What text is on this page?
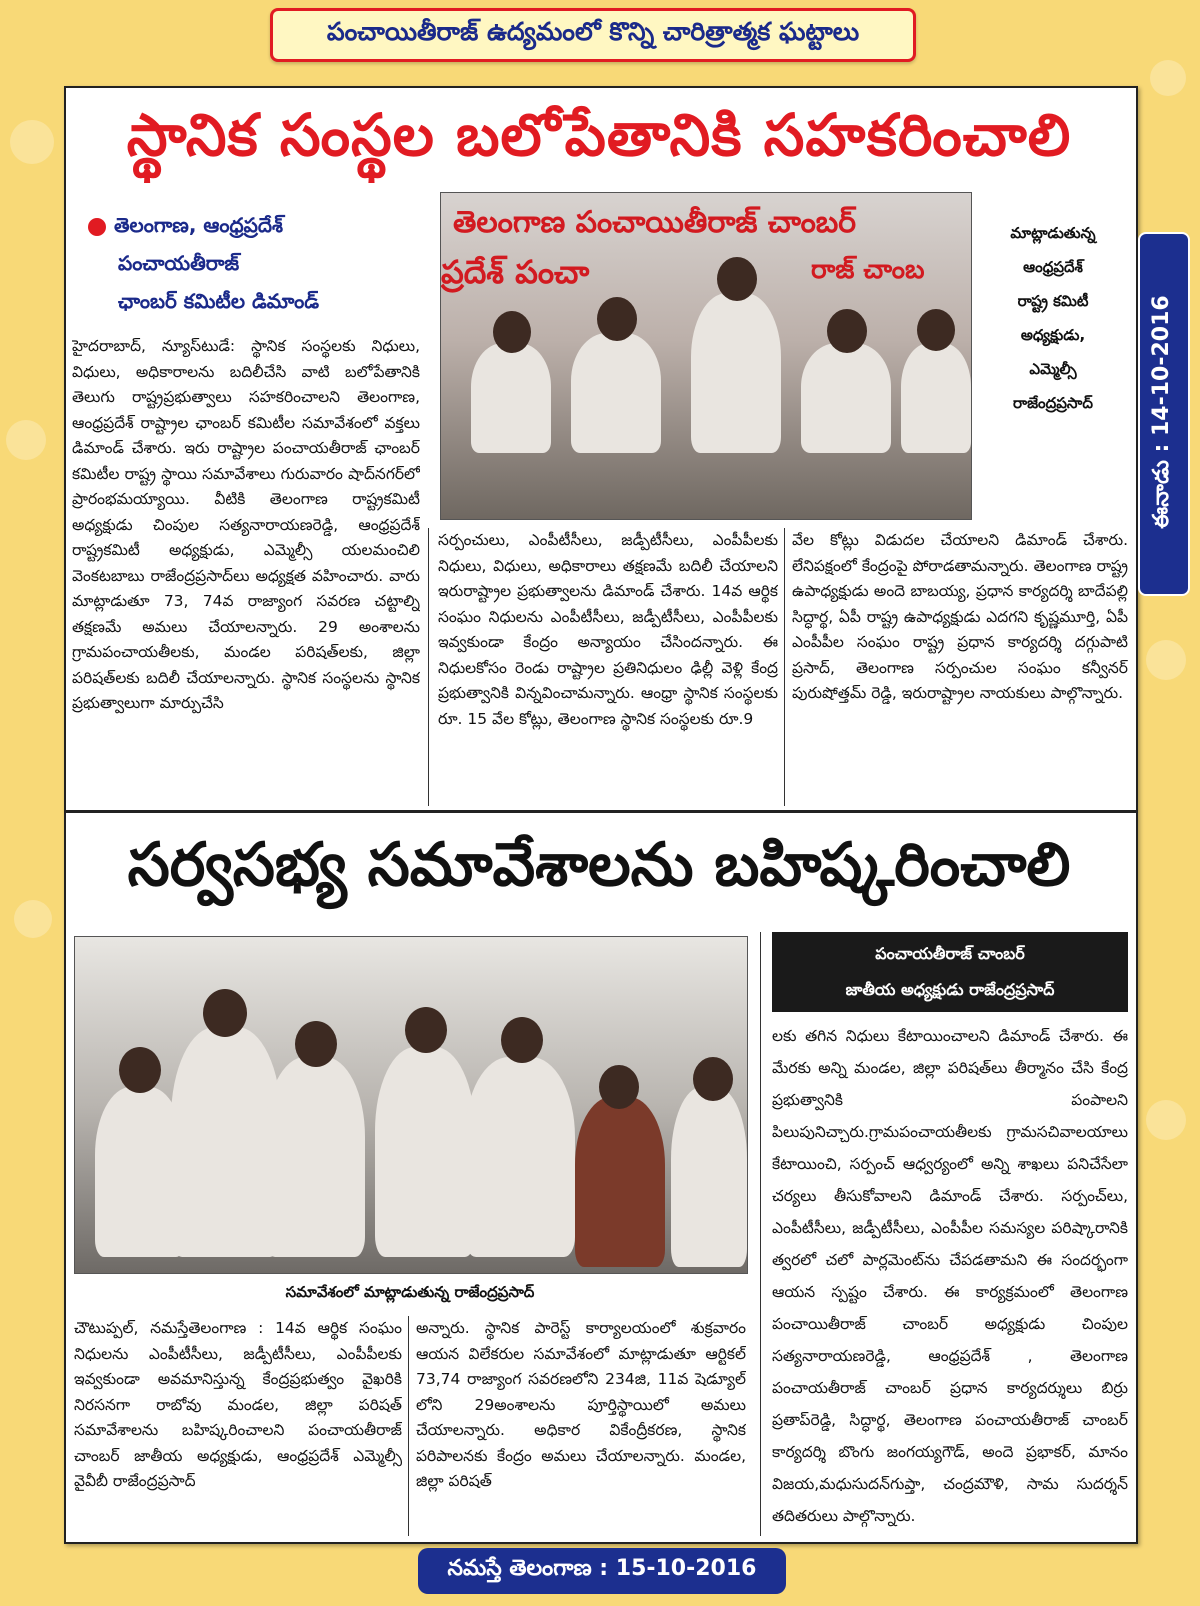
పంచాయితీరాజ్ ఉద్యమంలో కొన్ని చారిత్రాత్మక ఘట్టాలు
స్థానిక సంస్థల బలోపేతానికి సహకరించాలి
తెలంగాణ, ఆంధ్రప్రదేశ్
పంచాయతీరాజ్
ఛాంబర్ కమిటీల డిమాండ్
తెలంగాణ పంచాయితీరాజ్ చాంబర్
ప్రదేశ్ పంచా	రాజ్ చాంబ
మాట్లాడుతున్న
ఆంధ్రప్రదేశ్
రాష్ట్ర కమిటీ
అధ్యక్షుడు,
ఎమ్మెల్సీ
రాజేంద్రప్రసాద్

హైదరాబాద్, న్యూస్‌టుడే: స్థానిక సంస్థలకు నిధులు, విధులు, అధికారాలను బదిలీచేసి వాటి బలోపేతానికి తెలుగు రాష్ట్రప్రభుత్వాలు సహకరించాలని తెలంగాణ, ఆంధ్రప్రదేశ్ రాష్ట్రాల ఛాంబర్ కమిటీల సమావేశంలో వక్తలు డిమాండ్ చేశారు. ఇరు రాష్ట్రాల పంచాయతీరాజ్ ఛాంబర్ కమిటీల రాష్ట్ర స్థాయి సమావేశాలు గురువారం షాద్‌నగర్‌లో ప్రారంభమయ్యాయి. వీటికి తెలంగాణ రాష్ట్రకమిటీ అధ్యక్షుడు చింపుల సత్యనారాయణరెడ్డి, ఆంధ్రప్రదేశ్ రాష్ట్రకమిటీ అధ్యక్షుడు, ఎమ్మెల్సీ యలమంచిలి వెంకటబాబు రాజేంద్రప్రసాద్‌లు అధ్యక్షత వహించారు. వారు మాట్లాడుతూ 73, 74వ రాజ్యాంగ సవరణ చట్టాల్ని తక్షణమే అమలు చేయాలన్నారు. 29 అంశాలను గ్రామపంచాయతీలకు, మండల పరిషత్‌లకు, జిల్లా పరిషత్‌లకు బదిలీ చేయాలన్నారు. స్థానిక సంస్థలను స్థానిక ప్రభుత్వాలుగా మార్పుచేసి

సర్పంచులు, ఎంపీటీసీలు, జడ్పీటీసీలు, ఎంపీపీలకు నిధులు, విధులు, అధికారాలు తక్షణమే బదిలీ చేయాలని ఇరురాష్ట్రాల ప్రభుత్వాలను డిమాండ్ చేశారు. 14వ ఆర్థిక సంఘం నిధులను ఎంపీటీసీలు, జడ్పీటీసీలు, ఎంపీపీలకు ఇవ్వకుండా కేంద్రం అన్యాయం చేసిందన్నారు. ఈ నిధులకోసం రెండు రాష్ట్రాల ప్రతినిధులం ఢిల్లీ వెళ్లి కేంద్ర ప్రభుత్వానికి విన్నవించామన్నారు. ఆంధ్రా స్థానిక సంస్థలకు రూ. 15 వేల కోట్లు, తెలంగాణ స్థానిక సంస్థలకు రూ.9

వేల కోట్లు విడుదల చేయాలని డిమాండ్ చేశారు. లేనిపక్షంలో కేంద్రంపై పోరాడతామన్నారు. తెలంగాణ రాష్ట్ర ఉపాధ్యక్షుడు అందె బాబయ్య, ప్రధాన కార్యదర్శి బాదేపల్లి సిద్ధార్థ, ఏపీ రాష్ట్ర ఉపాధ్యక్షుడు ఎదగని కృష్ణమూర్తి, ఏపీ ఎంపీపీల సంఘం రాష్ట్ర ప్రధాన కార్యదర్శి దగ్గుపాటి ప్రసాద్, తెలంగాణ సర్పంచుల సంఘం కన్వీనర్ పురుషోత్తమ్ రెడ్డి, ఇరురాష్ట్రాల నాయకులు పాల్గొన్నారు.

సర్వసభ్య సమావేశాలను బహిష్కరించాలి
సమావేశంలో మాట్లాడుతున్న రాజేంద్రప్రసాద్
పంచాయతీరాజ్ చాంబర్
జాతీయ అధ్యక్షుడు రాజేంద్రప్రసాద్

చౌటుప్పల్, నమస్తేతెలంగాణ : 14వ ఆర్థిక సంఘం నిధులను ఎంపీటీసీలు, జడ్పీటీసీలు, ఎంపీపీలకు ఇవ్వకుండా అవమానిస్తున్న కేంద్రప్రభుత్వం వైఖరికి నిరసనగా రాబోవు మండల, జిల్లా పరిషత్ సమావేశాలను బహిష్కరించాలని పంచాయతీరాజ్ చాంబర్ జాతీయ అధ్యక్షుడు, ఆంధ్రప్రదేశ్ ఎమ్మెల్సీ వైవీబీ రాజేంద్రప్రసాద్

అన్నారు. స్థానిక పారెస్ట్ కార్యాలయంలో శుక్రవారం ఆయన విలేకరుల సమావేశంలో మాట్లాడుతూ ఆర్టికల్ 73,74 రాజ్యాంగ సవరణలోని 234జి, 11వ షెడ్యూల్ లోని 29అంశాలను పూర్తిస్థాయిలో అమలు చేయాలన్నారు. అధికార వికేంద్రీకరణ, స్థానిక పరిపాలనకు కేంద్రం అమలు చేయాలన్నారు. మండల, జిల్లా పరిషత్

లకు తగిన నిధులు కేటాయించాలని డిమాండ్ చేశారు. ఈ మేరకు అన్ని మండల, జిల్లా పరిషత్‌లు తీర్మానం చేసి కేంద్ర ప్రభుత్వానికి పంపాలని పిలుపునిచ్చారు.గ్రామపంచాయతీలకు గ్రామసచివాలయాలు కేటాయించి, సర్పంచ్ ఆధ్వర్యంలో అన్ని శాఖలు పనిచేసేలా చర్యలు తీసుకోవాలని డిమాండ్ చేశారు. సర్పంచ్‌లు, ఎంపీటీసీలు, జడ్పీటీసీలు, ఎంపీపీల సమస్యల పరిష్కారానికి త్వరలో చలో పార్లమెంట్‌ను చేపడతామని ఈ సందర్భంగా ఆయన స్పష్టం చేశారు. ఈ కార్యక్రమంలో తెలంగాణ పంచాయితీరాజ్ చాంబర్ అధ్యక్షుడు చింపుల సత్యనారాయణరెడ్డి, ఆంధ్రప్రదేశ్ , తెలంగాణ పంచాయతీరాజ్ చాంబర్ ప్రధాన కార్యదర్శులు బిర్రు ప్రతాప్‌రెడ్డి, సిద్ధార్థ, తెలంగాణ పంచాయతీరాజ్ చాంబర్ కార్యదర్శి బొంగు జంగయ్యగౌడ్, అందె ప్రభాకర్, మానం విజయ,మధుసుదన్‌గుప్తా, చంద్రమౌళి, సామ సుదర్శన్ తదితరులు పాల్గొన్నారు.

ఈనాడు : 14-10-2016
నమస్తే తెలంగాణ : 15-10-2016
